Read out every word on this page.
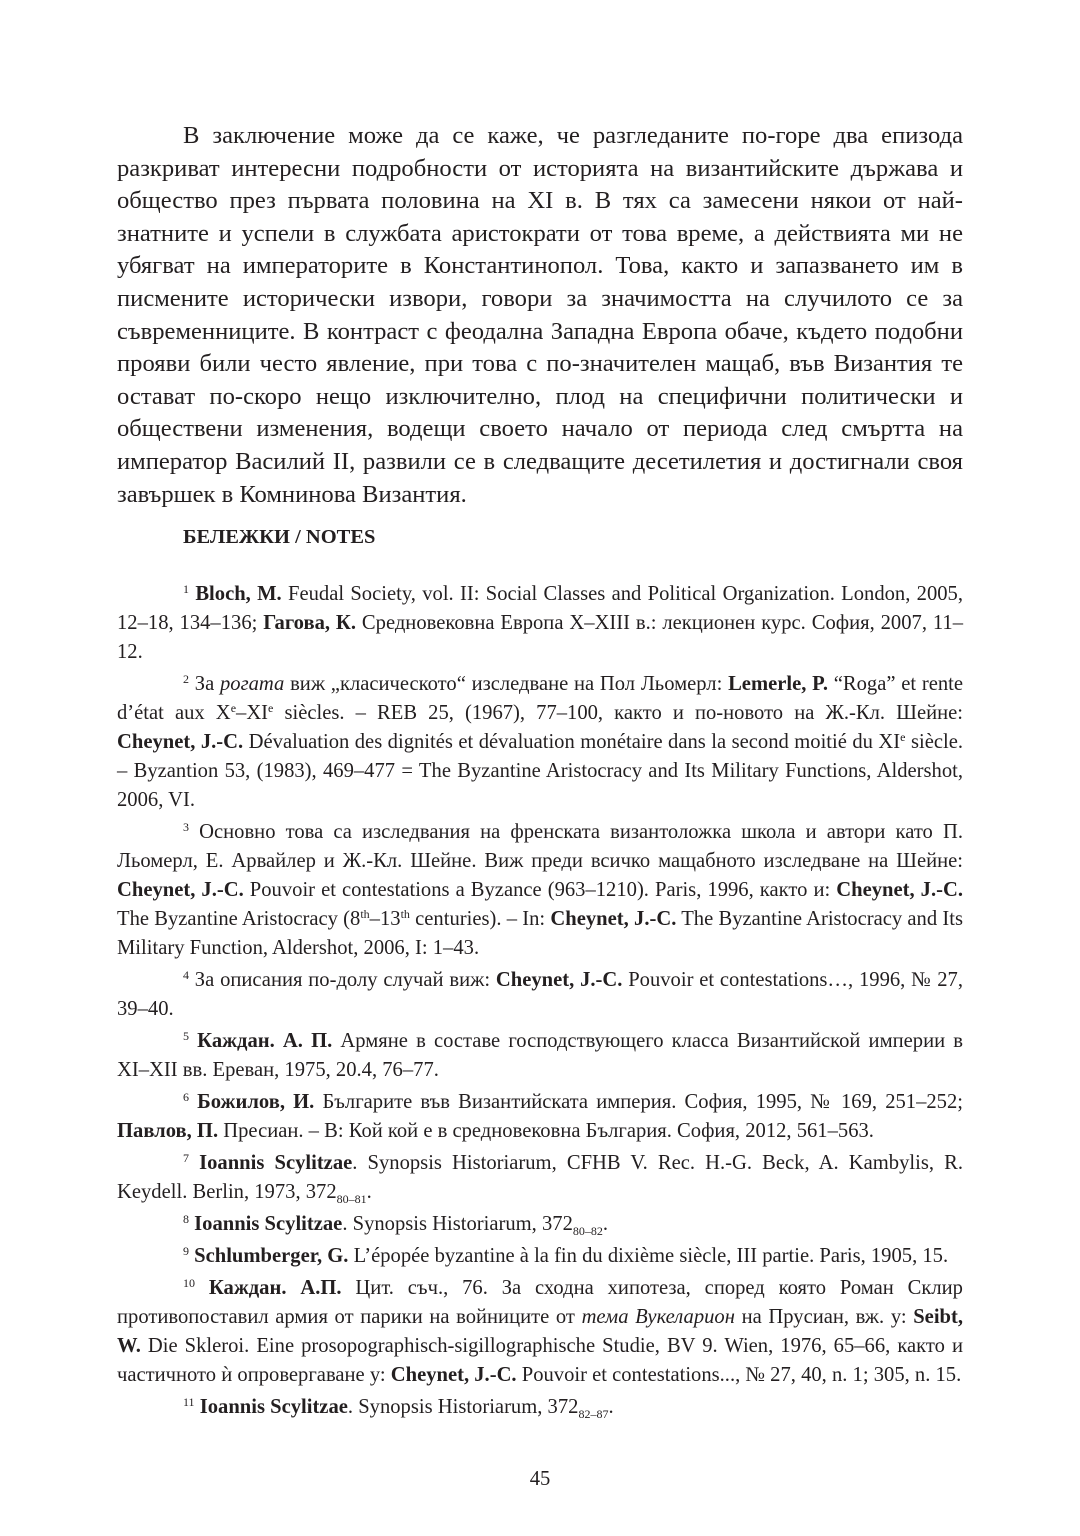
В заключение може да се каже, че разгледаните по-горе два епизода разкриват интересни подробности от историята на византийските държава и общество през първата половина на XI в. В тях са замесени някои от най-знатните и успели в службата аристократи от това време, а действията ми не убягват на императорите в Константинопол. Това, както и запазването им в писмените исторически извори, говори за значимостта на случилото се за съвременниците. В контраст с феодална Западна Европа обаче, където подобни прояви били често явление, при това с по-значителен мащаб, във Византия те остават по-скоро нещо изключително, плод на специфични политически и обществени изменения, водещи своето начало от периода след смъртта на император Василий II, развили се в следващите десетилетия и достигнали своя завършек в Комнинова Византия.

БЕЛЕЖКИ / NOTES

$^1$ Bloch, M. Feudal Society, vol. II: Social Classes and Political Organization. London, 2005, 12–18, 134–136; Гагова, К. Средновековна Европа X–XIII в.: лекционен курс. София, 2007, 11–12.

$^2$ За рогата виж „класическото“ изследване на Пол Льомерл: Lemerle, P. “Roga” et rente d’état aux Xe–XIe siècles. – REB 25, (1967), 77–100, както и по-новото на Ж.-Кл. Шейне: Cheynet, J.-C. Dévaluation des dignités et dévaluation monétaire dans la second moitié du XIe siècle. – Byzantion 53, (1983), 469–477 = The Byzantine Aristocracy and Its Military Functions, Aldershot, 2006, VI.

$^3$ Основно това са изследвания на френската византоложка школа и автори като П. Льомерл, Е. Арвайлер и Ж.-Кл. Шейне. Виж преди всичко мащабното изследване на Шейне: Cheynet, J.-C. Pouvoir et contestations a Byzance (963–1210). Paris, 1996, както и: Cheynet, J.-C. The Byzantine Aristocracy (8th–13th centuries). – In: Cheynet, J.-C. The Byzantine Aristocracy and Its Military Function, Aldershot, 2006, I: 1–43.

$^4$ За описания по-долу случай виж: Cheynet, J.-C. Pouvoir et contestations…, 1996, № 27, 39–40.

$^5$ Каждан. А. П. Армяне в составе господствующего класса Византийской империи в XI–XII вв. Ереван, 1975, 20.4, 76–77.

$^6$ Божилов, И. Българите във Византийската империя. София, 1995, № 169, 251–252; Павлов, П. Пресиан. – В: Кой кой е в средновековна България. София, 2012, 561–563.

$^7$ Ioannis Scylitzae. Synopsis Historiarum, CFHB V. Rec. H.-G. Beck, A. Kambylis, R. Keydell. Berlin, 1973, $372_{80-81}$.

$^8$ Ioannis Scylitzae. Synopsis Historiarum, $372_{80-82}$.

$^9$ Schlumberger, G. L’épopée byzantine à la fin du dixième siècle, III partie. Paris, 1905, 15.

$^{10}$ Каждан. А.П. Цит. съч., 76. За сходна хипотеза, според която Роман Склир противопоставил армия от парики на войниците от тема Вукеларион на Прусиан, вж. у: Seibt, W. Die Skleroi. Eine prosopographisch-sigillographische Studie, BV 9. Wien, 1976, 65–66, както и частичното ѝ опровергаване у: Cheynet, J.-C. Pouvoir et contestations..., № 27, 40, n. 1; 305, n. 15.

$^{11}$ Ioannis Scylitzae. Synopsis Historiarum, $372_{82-87}$.

45
